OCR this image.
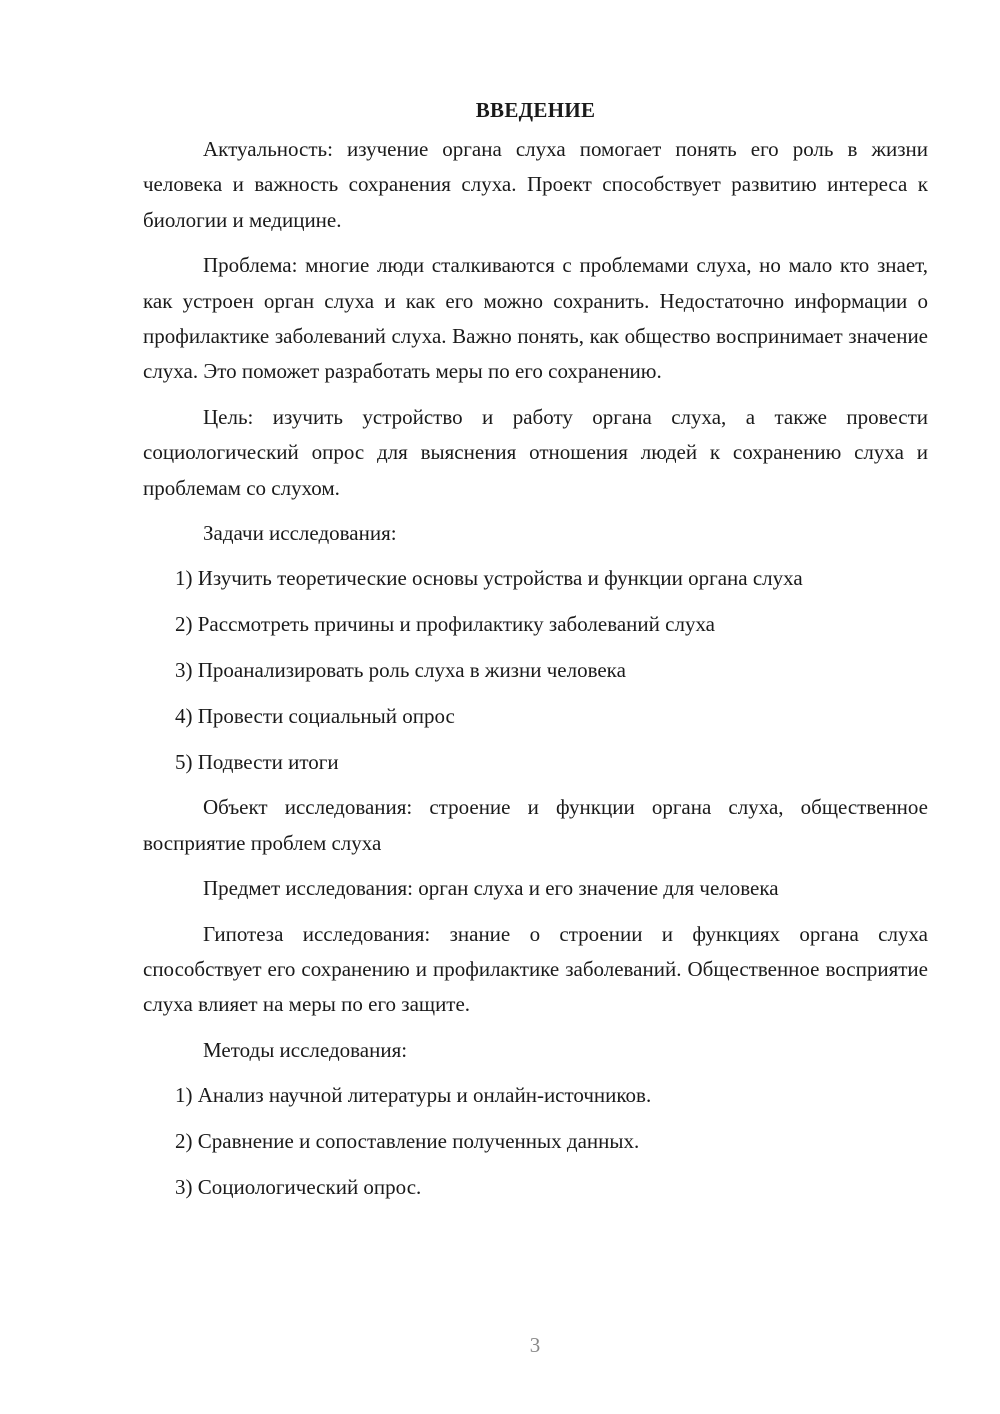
ВВЕДЕНИЕ

Актуальность: изучение органа слуха помогает понять его роль в жизни человека и важность сохранения слуха. Проект способствует развитию интереса к биологии и медицине.

Проблема: многие люди сталкиваются с проблемами слуха, но мало кто знает, как устроен орган слуха и как его можно сохранить. Недостаточно информации о профилактике заболеваний слуха. Важно понять, как общество воспринимает значение слуха. Это поможет разработать меры по его сохранению.

Цель: изучить устройство и работу органа слуха, а также провести социологический опрос для выяснения отношения людей к сохранению слуха и проблемам со слухом.

Задачи исследования:

1) Изучить теоретические основы устройства и функции органа слуха
2) Рассмотреть причины и профилактику заболеваний слуха
3) Проанализировать роль слуха в жизни человека
4) Провести социальный опрос
5) Подвести итоги

Объект исследования: строение и функции органа слуха, общественное восприятие проблем слуха

Предмет исследования: орган слуха и его значение для человека

Гипотеза исследования: знание о строении и функциях органа слуха способствует его сохранению и профилактике заболеваний. Общественное восприятие слуха влияет на меры по его защите.

Методы исследования:

1) Анализ научной литературы и онлайн-источников.
2) Сравнение и сопоставление полученных данных.
3) Социологический опрос.
3
